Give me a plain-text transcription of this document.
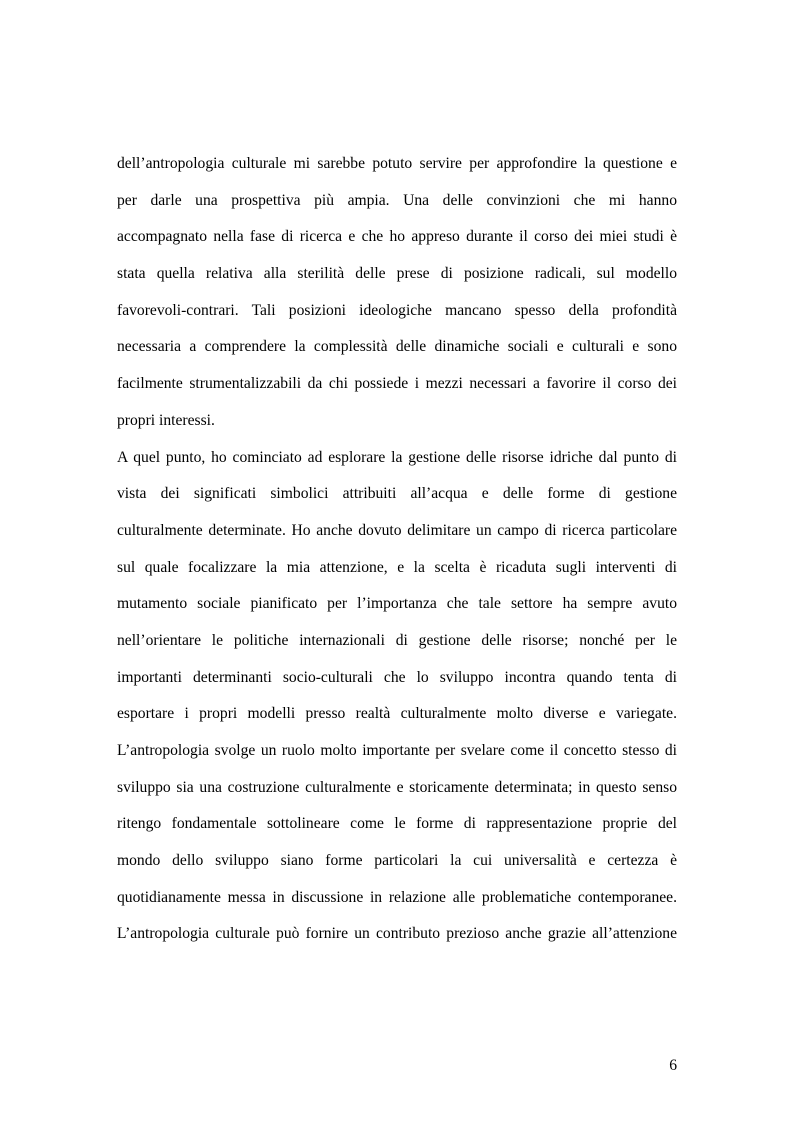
dell’antropologia culturale mi sarebbe potuto servire per approfondire la questione e
per darle una prospettiva più ampia. Una delle convinzioni che mi hanno
accompagnato nella fase di ricerca e che ho appreso durante il corso dei miei studi è
stata quella relativa alla sterilità delle prese di posizione radicali, sul modello
favorevoli-contrari. Tali posizioni ideologiche mancano spesso della profondità
necessaria a comprendere la complessità delle dinamiche sociali e culturali e sono
facilmente strumentalizzabili da chi possiede i mezzi necessari a favorire il corso dei
propri interessi.
A quel punto, ho cominciato ad esplorare la gestione delle risorse idriche dal punto di
vista dei significati simbolici attribuiti all’acqua e delle forme di gestione
culturalmente determinate. Ho anche dovuto delimitare un campo di ricerca particolare
sul quale focalizzare la mia attenzione, e la scelta è ricaduta sugli interventi di
mutamento sociale pianificato per l’importanza che tale settore ha sempre avuto
nell’orientare le politiche internazionali di gestione delle risorse; nonché per le
importanti determinanti socio-culturali che lo sviluppo incontra quando tenta di
esportare i propri modelli presso realtà culturalmente molto diverse e variegate.
L’antropologia svolge un ruolo molto importante per svelare come il concetto stesso di
sviluppo sia una costruzione culturalmente e storicamente determinata; in questo senso
ritengo fondamentale sottolineare come le forme di rappresentazione proprie del
mondo dello sviluppo siano forme particolari la cui universalità e certezza è
quotidianamente messa in discussione in relazione alle problematiche contemporanee.
L’antropologia culturale può fornire un contributo prezioso anche grazie all’attenzione
6
